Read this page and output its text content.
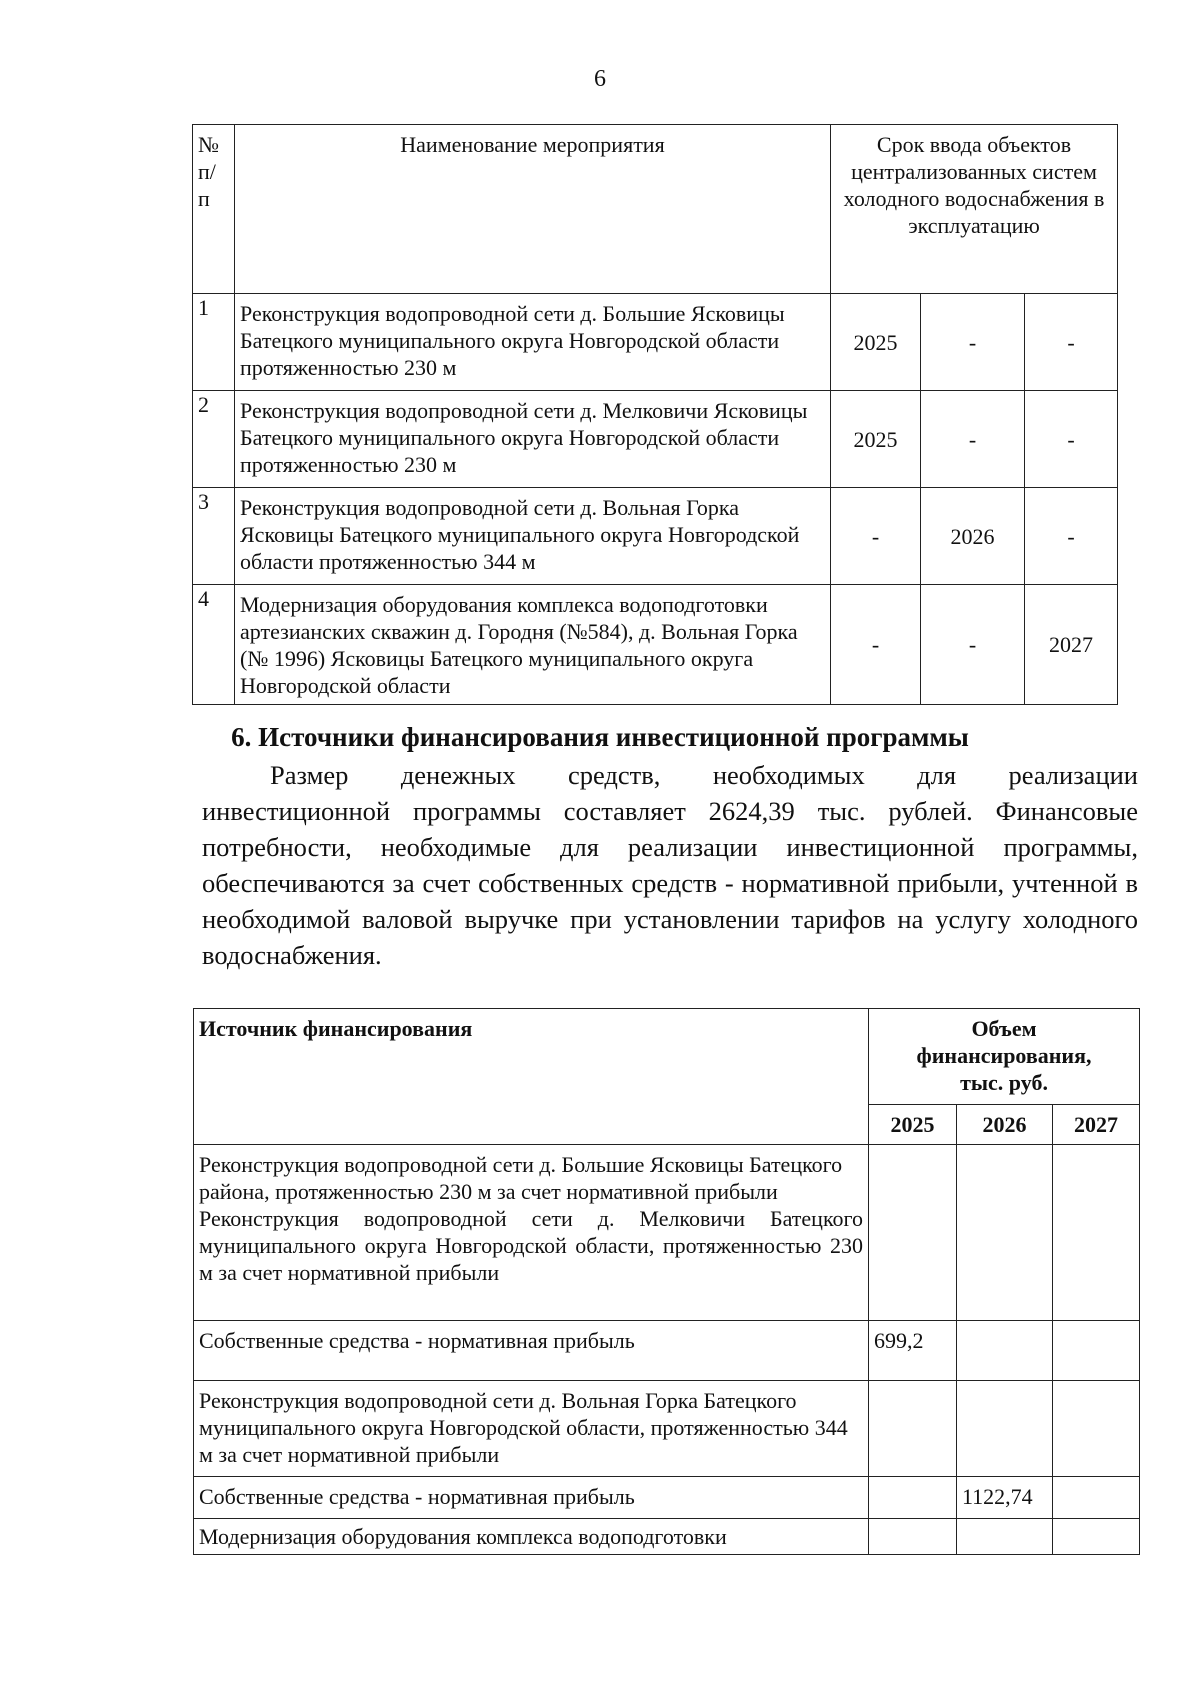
6
№ п/ п	Наименование мероприятия	Срок ввода объектов централизованных систем холодного водоснабжения в эксплуатацию		
1	Реконструкция водопроводной сети д. Большие Ясковицы Батецкого муниципального округа Новгородской области протяженностью 230 м	2025	-	-
2	Реконструкция водопроводной сети д. Мелковичи Ясковицы Батецкого муниципального округа Новгородской области протяженностью 230 м	2025	-	-
3	Реконструкция водопроводной сети д. Вольная Горка Ясковицы Батецкого муниципального округа Новгородской области протяженностью 344 м	-	2026	-
4	Модернизация оборудования комплекса водоподготовки артезианских скважин д. Городня (№584), д. Вольная Горка (№ 1996) Ясковицы Батецкого муниципального округа Новгородской области	-	-	2027
6. Источники финансирования инвестиционной программы

Размер денежных средств, необходимых для реализации

инвестиционной программы составляет 2624,39 тыс. рублей. Финансовые потребности, необходимые для реализации инвестиционной программы, обеспечиваются за счет собственных средств - нормативной прибыли, учтенной в необходимой валовой выручке при установлении тарифов на услугу холодного водоснабжения.

Источник финансирования	Объем финансирования, тыс. руб.		
	2025	2026	2027

Реконструкция водопроводной сети д. Большие Ясковицы Батецкого района, протяженностью 230 м за счет нормативной прибыли
Реконструкция водопроводной сети д. Мелковичи Батецкого муниципального округа Новгородской области, протяженностью 230 м за счет нормативной прибыли			

Собственные средства - нормативная прибыль	699,2		
Реконструкция водопроводной сети д. Вольная Горка Батецкого муниципального округа Новгородской области, протяженностью 344 м за счет нормативной прибыли			
Собственные средства - нормативная прибыль		1122,74	
Модернизация оборудования комплекса водоподготовки			
